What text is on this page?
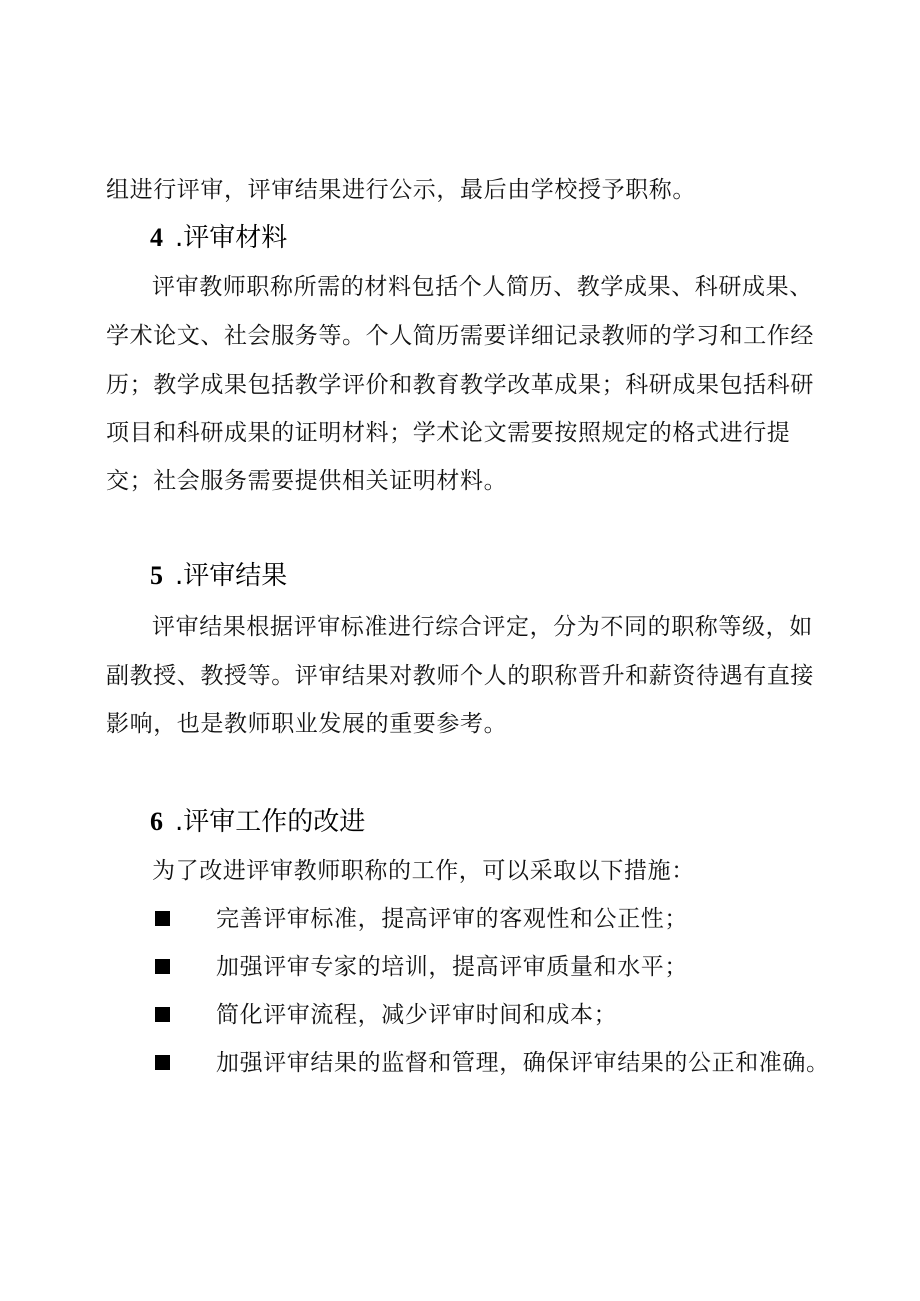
组进行评审，评审结果进行公示，最后由学校授予职称。
4 .评审材料
评审教师职称所需的材料包括个人简历、教学成果、科研成果、
学术论文、社会服务等。个人简历需要详细记录教师的学习和工作经
历；教学成果包括教学评价和教育教学改革成果；科研成果包括科研
项目和科研成果的证明材料；学术论文需要按照规定的格式进行提
交；社会服务需要提供相关证明材料。
5 .评审结果
评审结果根据评审标准进行综合评定，分为不同的职称等级，如
副教授、教授等。评审结果对教师个人的职称晋升和薪资待遇有直接
影响，也是教师职业发展的重要参考。
6 .评审工作的改进
为了改进评审教师职称的工作，可以采取以下措施：
完善评审标准，提高评审的客观性和公正性；
加强评审专家的培训，提高评审质量和水平；
简化评审流程，减少评审时间和成本；
加强评审结果的监督和管理，确保评审结果的公正和准确。
